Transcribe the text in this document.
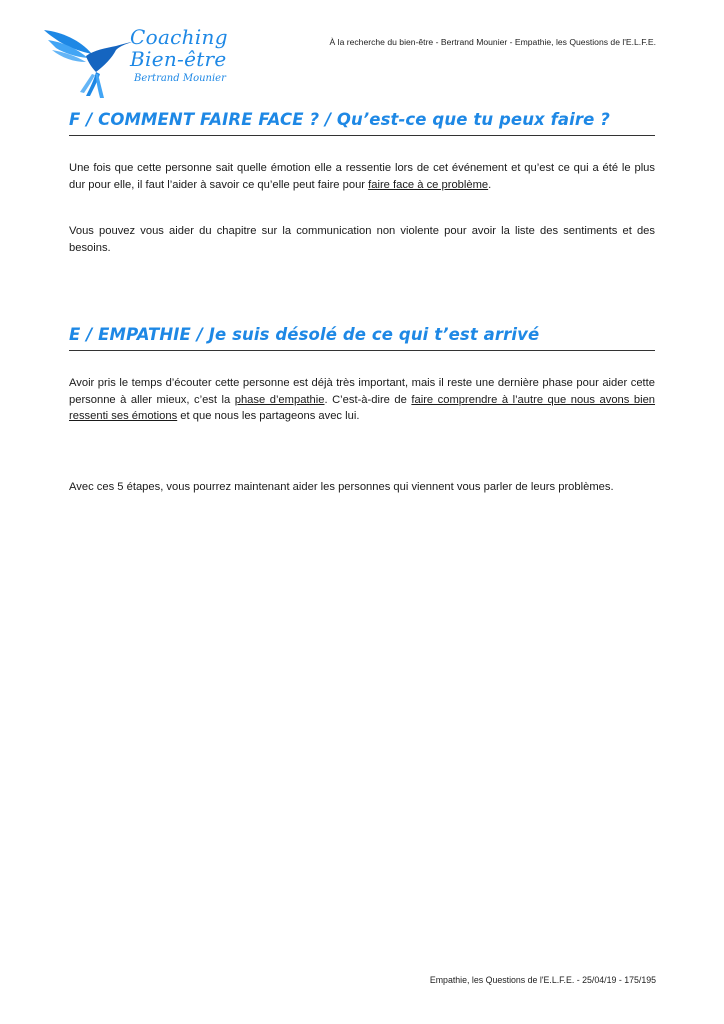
Coaching
Bien-être
Bertrand Mounier
À la recherche du bien-être - Bertrand Mounier - Empathie, les Questions de l'E.L.F.E.
F / COMMENT FAIRE FACE ? / Qu’est-ce que tu peux faire ?

Une fois que cette personne sait quelle émotion elle a ressentie lors de cet événement et qu’est ce qui a été le plus dur pour elle, il faut l’aider à savoir ce qu’elle peut faire pour faire face à ce problème.

Vous pouvez vous aider du chapitre sur la communication non violente pour avoir la liste des sentiments et des besoins.

E / EMPATHIE / Je suis désolé de ce qui t’est arrivé

Avoir pris le temps d’écouter cette personne est déjà très important, mais il reste une dernière phase pour aider cette personne à aller mieux, c’est la phase d’empathie. C’est-à-dire de faire comprendre à l’autre que nous avons bien ressenti ses émotions et que nous les partageons avec lui.

Avec ces 5 étapes, vous pourrez maintenant aider les personnes qui viennent vous parler de leurs problèmes.

Empathie, les Questions de l'E.L.F.E. - 25/04/19 - 175/195
